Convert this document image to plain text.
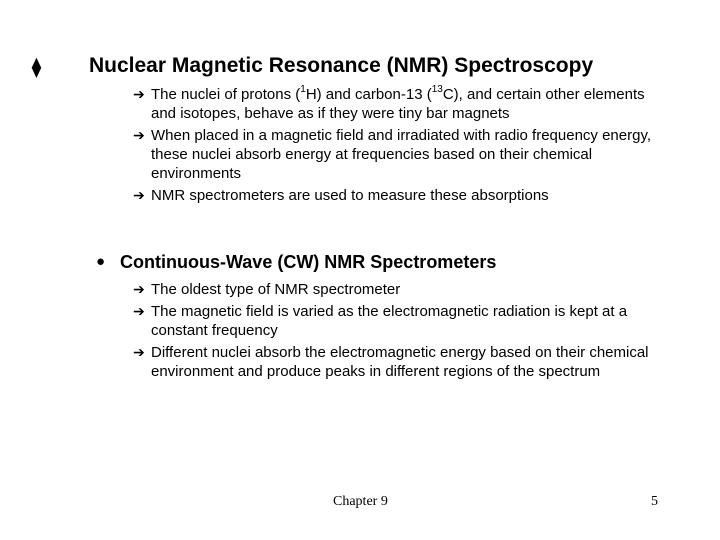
⧫ Nuclear Magnetic Resonance (NMR) Spectroscopy
➔ The nuclei of protons ($^1$H) and carbon-13 ($^{13}$C), and certain other elements and isotopes, behave as if they were tiny bar magnets
➔ When placed in a magnetic field and irradiated with radio frequency energy, these nuclei absorb energy at frequencies based on their chemical environments
➔ NMR spectrometers are used to measure these absorptions
● Continuous-Wave (CW) NMR Spectrometers
➔ The oldest type of NMR spectrometer
➔ The magnetic field is varied as the electromagnetic radiation is kept at a constant frequency
➔ Different nuclei absorb the electromagnetic energy based on their chemical environment and produce peaks in different regions of the spectrum
Chapter 9	5
